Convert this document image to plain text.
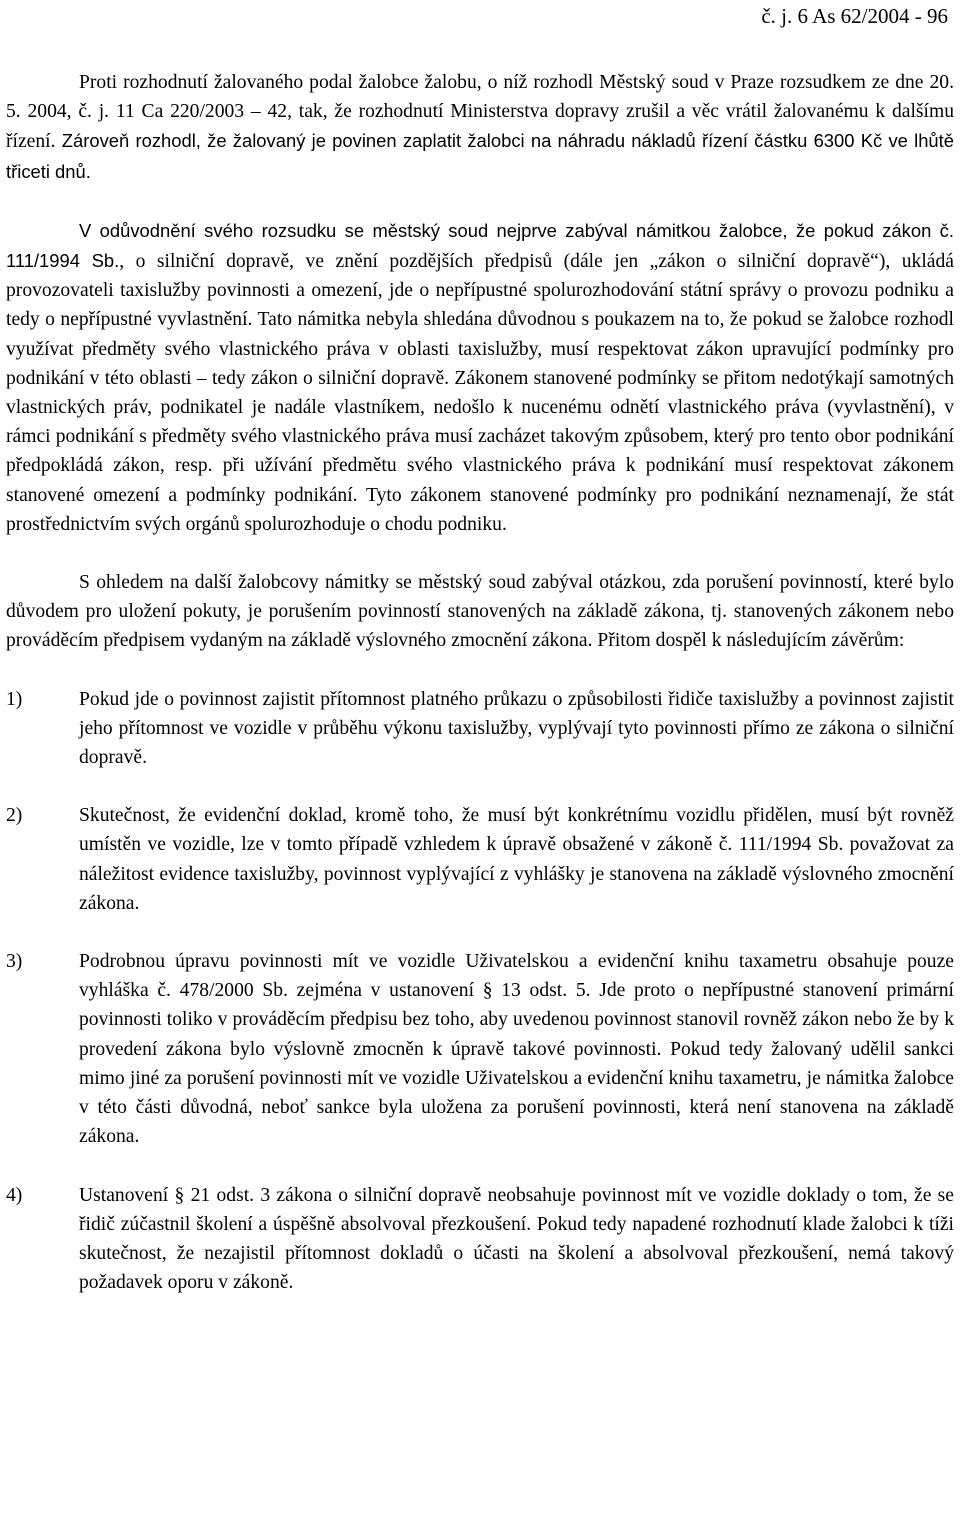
č. j. 6 As 62/2004 - 96

Proti rozhodnutí žalovaného podal žalobce žalobu, o níž rozhodl Městský soud v Praze rozsudkem ze dne 20. 5. 2004, č. j. 11 Ca 220/2003 – 42, tak, že rozhodnutí Ministerstva dopravy zrušil a věc vrátil žalovanému k dalšímu řízení. Zároveň rozhodl, že žalovaný je povinen zaplatit žalobci na náhradu nákladů řízení částku 6300 Kč ve lhůtě třiceti dnů.

V odůvodnění svého rozsudku se městský soud nejprve zabýval námitkou žalobce, že pokud zákon č. 111/1994 Sb., o silniční dopravě, ve znění pozdějších předpisů (dále jen „zákon o silniční dopravě“), ukládá provozovateli taxislužby povinnosti a omezení, jde o nepřípustné spolurozhodování státní správy o provozu podniku a tedy o nepřípustné vyvlastnění. Tato námitka nebyla shledána důvodnou s poukazem na to, že pokud se žalobce rozhodl využívat předměty svého vlastnického práva v oblasti taxislužby, musí respektovat zákon upravující podmínky pro podnikání v této oblasti – tedy zákon o silniční dopravě. Zákonem stanovené podmínky se přitom nedotýkají samotných vlastnických práv, podnikatel je nadále vlastníkem, nedošlo k nucenému odnětí vlastnického práva (vyvlastnění), v rámci podnikání s předměty svého vlastnického práva musí zacházet takovým způsobem, který pro tento obor podnikání předpokládá zákon, resp. při užívání předmětu svého vlastnického práva k podnikání musí respektovat zákonem stanovené omezení a podmínky podnikání. Tyto zákonem stanovené podmínky pro podnikání neznamenají, že stát prostřednictvím svých orgánů spolurozhoduje o chodu podniku.

S ohledem na další žalobcovy námitky se městský soud zabýval otázkou, zda porušení povinností, které bylo důvodem pro uložení pokuty, je porušením povinností stanovených na základě zákona, tj. stanovených zákonem nebo prováděcím předpisem vydaným na základě výslovného zmocnění zákona. Přitom dospěl k následujícím závěrům:

1)	Pokud jde o povinnost zajistit přítomnost platného průkazu o způsobilosti řidiče taxislužby a povinnost zajistit jeho přítomnost ve vozidle v průběhu výkonu taxislužby, vyplývají tyto povinnosti přímo ze zákona o silniční dopravě.
2)	Skutečnost, že evidenční doklad, kromě toho, že musí být konkrétnímu vozidlu přidělen, musí být rovněž umístěn ve vozidle, lze v tomto případě vzhledem k úpravě obsažené v zákoně č. 111/1994 Sb. považovat za náležitost evidence taxislužby, povinnost vyplývající z vyhlášky je stanovena na základě výslovného zmocnění zákona.
3)	Podrobnou úpravu povinnosti mít ve vozidle Uživatelskou a evidenční knihu taxametru obsahuje pouze vyhláška č. 478/2000 Sb. zejména v ustanovení § 13 odst. 5. Jde proto o nepřípustné stanovení primární povinnosti toliko v prováděcím předpisu bez toho, aby uvedenou povinnost stanovil rovněž zákon nebo že by k provedení zákona bylo výslovně zmocněn k úpravě takové povinnosti. Pokud tedy žalovaný udělil sankci mimo jiné za porušení povinnosti mít ve vozidle Uživatelskou a evidenční knihu taxametru, je námitka žalobce v této části důvodná, neboť sankce byla uložena za porušení povinnosti, která není stanovena na základě zákona.
4)	Ustanovení § 21 odst. 3 zákona o silniční dopravě neobsahuje povinnost mít ve vozidle doklady o tom, že se řidič zúčastnil školení a úspěšně absolvoval přezkoušení. Pokud tedy napadené rozhodnutí klade žalobci k tíži skutečnost, že nezajistil přítomnost dokladů o účasti na školení a absolvoval přezkoušení, nemá takový požadavek oporu v zákoně.
